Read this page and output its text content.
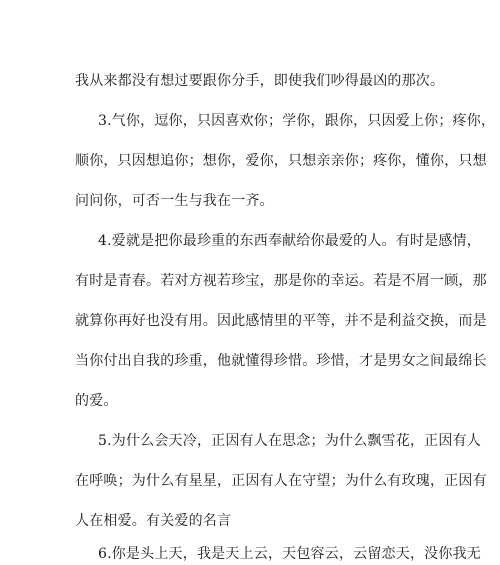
我从来都没有想过要跟你分手，即使我们吵得最凶的那次。
3.气你，逗你，只因喜欢你；学你，跟你，只因爱上你；疼你，
顺你，只因想追你；想你，爱你，只想亲亲你；疼你，懂你，只想
问问你，可否一生与我在一齐。
4.爱就是把你最珍重的东西奉献给你最爱的人。有时是感情，
有时是青春。若对方视若珍宝，那是你的幸运。若是不屑一顾，那
就算你再好也没有用。因此感情里的平等，并不是利益交换，而是
当你付出自我的珍重，他就懂得珍惜。珍惜，才是男女之间最绵长
的爱。
5.为什么会天冷，正因有人在思念；为什么飘雪花，正因有人
在呼唤；为什么有星星，正因有人在守望；为什么有玫瑰，正因有
人在相爱。有关爱的名言
6.你是头上天，我是天上云，天包容云，云留恋天，没你我无
